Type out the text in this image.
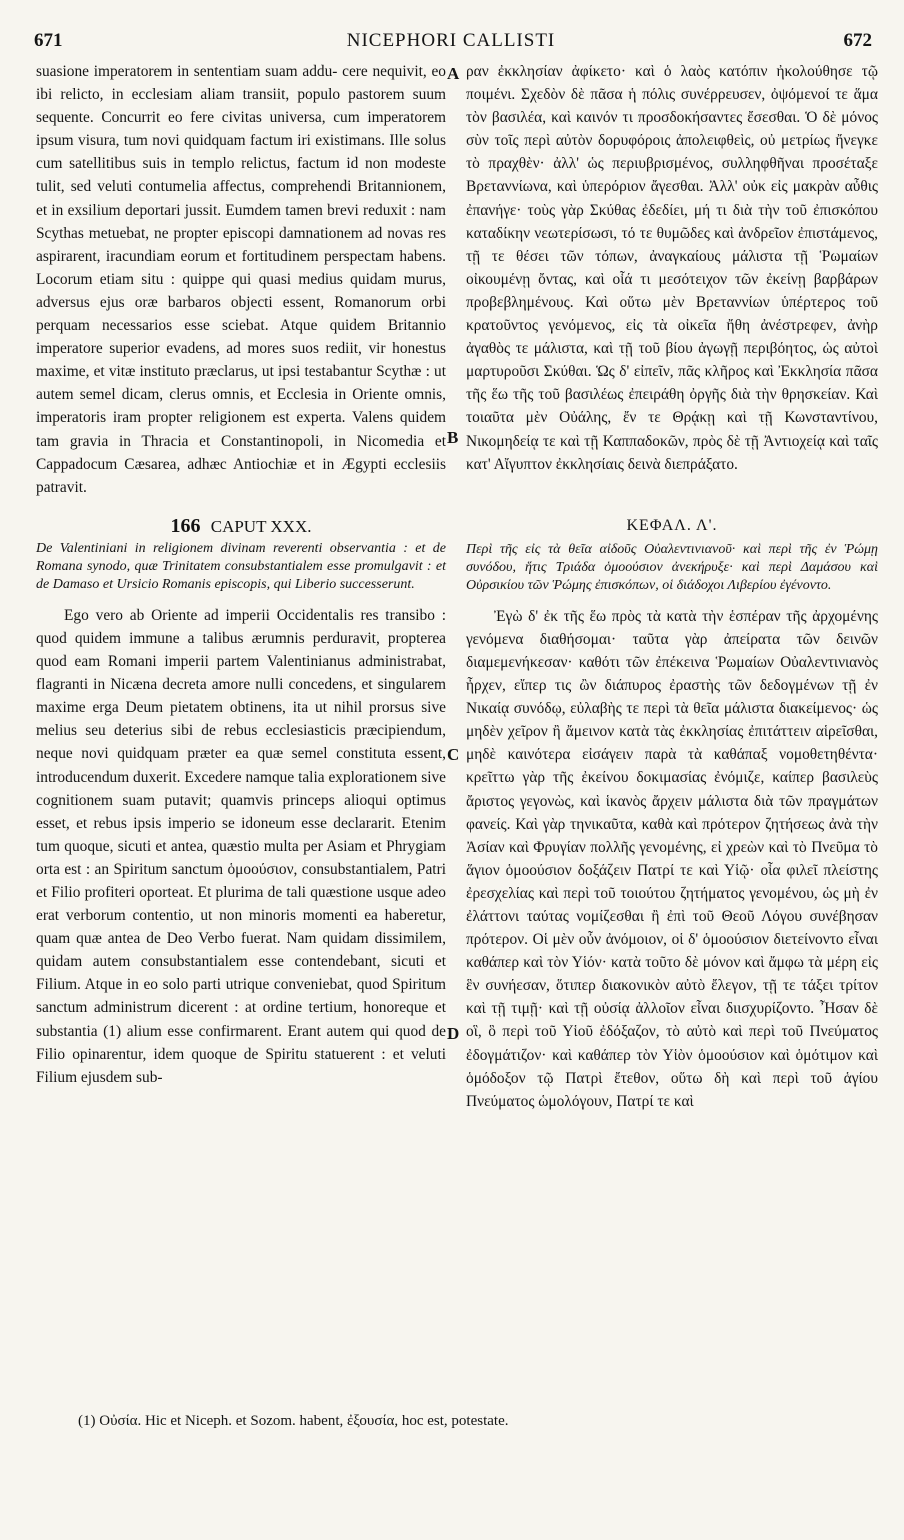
671	NICEPHORI CALLISTI	672

suasione imperatorem in sententiam suam addu- cere nequivit, eo ibi relicto, in ecclesiam aliam transiit, populo pastorem suum sequente. Concurrit eo fere civitas universa, cum imperatorem ipsum visura, tum novi quidquam factum iri existimans. Ille solus cum satellitibus suis in templo relictus, factum id non modeste tulit, sed veluti contumelia affectus, comprehendi Britannionem, et in exsilium deportari jussit. Eumdem tamen brevi reduxit : nam Scythas metuebat, ne propter episcopi damnationem ad novas res aspirarent, iracundiam eorum et fortitudinem perspectam habens. Locorum etiam situ : quippe qui quasi medius quidam murus, adversus ejus oræ barbaros objecti essent, Romanorum orbi perquam necessarios esse sciebat. Atque quidem Britannio imperatore superior evadens, ad mores suos rediit, vir honestus maxime, et vitæ instituto præclarus, ut ipsi testabantur Scythæ : ut autem semel dicam, clerus omnis, et Ecclesia in Oriente omnis, imperatoris iram propter religionem est experta. Valens quidem tam gravia in Thracia et Constantinopoli, in Nicomedia et Cappadocum Cæsarea, adhæc Antiochiæ et in Ægypti ecclesiis patravit.

166 CAPUT XXX.

De Valentiniani in religionem divinam reverenti observantia : et de Romana synodo, quæ Trinitatem consubstantialem esse promulgavit : et de Damaso et Ursicio Romanis episcopis, qui Liberio successerunt.

Ego vero ab Oriente ad imperii Occidentalis res transibo : quod quidem immune a talibus ærumnis perduravit, propterea quod eam Romani imperii partem Valentinianus administrabat, flagranti in Nicæna decreta amore nulli concedens, et singularem maxime erga Deum pietatem obtinens, ita ut nihil prorsus sive melius seu deterius sibi de rebus ecclesiasticis præcipiendum, neque novi quidquam præter ea quæ semel constituta essent, introducendum duxerit. Excedere namque talia explorationem sive cognitionem suam putavit; quamvis princeps alioqui optimus esset, et rebus ipsis imperio se idoneum esse declararit. Etenim tum quoque, sicuti et antea, quæstio multa per Asiam et Phrygiam orta est : an Spiritum sanctum ὁμοούσιον, consubstantialem, Patri et Filio profiteri oporteat. Et plurima de tali quæstione usque adeo erat verborum contentio, ut non minoris momenti ea haberetur, quam quæ antea de Deo Verbo fuerat. Nam quidam dissimilem, quidam autem consubstantialem esse contendebant, sicuti et Filium. Atque in eo solo parti utrique conveniebat, quod Spiritum sanctum administrum dicerent : at ordine tertium, honoreque et substantia (1) alium esse confirmarent. Erant autem qui quod de Filio opinarentur, idem quoque de Spiritu statuerent : et veluti Filium ejusdem sub-

ραν ἐκκλησίαν ἀφίκετο· καὶ ὁ λαὸς κατόπιν ἠκολούθησε τῷ ποιμένι. Σχεδὸν δὲ πᾶσα ἡ πόλις συνέρρευσεν, ὀψόμενοί τε ἅμα τὸν βασιλέα, καὶ καινόν τι προσδοκήσαντες ἔσεσθαι. Ὁ δὲ μόνος σὺν τοῖς περὶ αὐτὸν δορυφόροις ἀπολειφθεὶς, οὐ μετρίως ἤνεγκε τὸ πραχθὲν· ἀλλ' ὡς περιυβρισμένος, συλληφθῆναι προσέταξε Βρεταννίωνα, καὶ ὑπερόριον ἄγεσθαι. Ἀλλ' οὐκ εἰς μακρὰν αὖθις ἐπανήγε· τοὺς γὰρ Σκύθας ἐδεδίει, μή τι διὰ τὴν τοῦ ἐπισκόπου καταδίκην νεωτερίσωσι, τό τε θυμῶδες καὶ ἀνδρεῖον ἐπιστάμενος, τῇ τε θέσει τῶν τόπων, ἀναγκαίους μάλιστα τῇ Ῥωμαίων οἰκουμένῃ ὄντας, καὶ οἷά τι μεσότειχον τῶν ἐκείνῃ βαρβάρων προβεβλημένους. Καὶ οὕτω μὲν Βρεταννίων ὑπέρτερος τοῦ κρατοῦντος γενόμενος, εἰς τὰ οἰκεῖα ἤθη ἀνέστρεφεν, ἀνὴρ ἀγαθὸς τε μάλιστα, καὶ τῇ τοῦ βίου ἀγωγῇ περιβόητος, ὡς αὐτοὶ μαρτυροῦσι Σκύθαι. Ὡς δ' εἰπεῖν, πᾶς κλῆρος καὶ Ἐκκλησία πᾶσα τῆς ἕω τῆς τοῦ βασιλέως ἐπειράθη ὀργῆς διὰ τὴν θρησκείαν. Καὶ τοιαῦτα μὲν Οὐάλης, ἔν τε Θρᾴκῃ καὶ τῇ Κωνσταντίνου, Νικομηδείᾳ τε καὶ τῇ Καππαδοκῶν, πρὸς δὲ τῇ Ἀντιοχείᾳ καὶ ταῖς κατ' Αἴγυπτον ἐκκλησίαις δεινὰ διεπράξατο.

ΚΕΦΑΛ. Λ'.

Περὶ τῆς εἰς τὰ θεῖα αἰδοῦς Οὐαλεντινιανοῦ· καὶ περὶ τῆς ἐν Ῥώμῃ συνόδου, ἥτις Τριάδα ὁμοούσιον ἀνεκήρυξε· καὶ περὶ Δαμάσου καὶ Οὐρσικίου τῶν Ῥώμης ἐπισκόπων, οἱ διάδοχοι Λιβερίου ἐγένοντο.

Ἐγὼ δ' ἐκ τῆς ἕω πρὸς τὰ κατὰ τὴν ἑσπέραν τῆς ἀρχομένης γενόμενα διαθήσομαι· ταῦτα γὰρ ἀπείρατα τῶν δεινῶν διαμεμενήκεσαν· καθότι τῶν ἐπέκεινα Ῥωμαίων Οὐαλεντινιανὸς ἦρχεν, εἴπερ τις ὢν διάπυρος ἐραστὴς τῶν δεδογμένων τῇ ἐν Νικαίᾳ συνόδῳ, εὐλαβὴς τε περὶ τὰ θεῖα μάλιστα διακείμενος· ὡς μηδὲν χεῖρον ἢ ἄμεινον κατὰ τὰς ἐκκλησίας ἐπιτάττειν αἱρεῖσθαι, μηδὲ καινότερα εἰσάγειν παρὰ τὰ καθάπαξ νομοθετηθέντα· κρεῖττω γὰρ τῆς ἐκείνου δοκιμασίας ἐνόμιζε, καίπερ βασιλεὺς ἄριστος γεγονὼς, καὶ ἱκανὸς ἄρχειν μάλιστα διὰ τῶν πραγμάτων φανείς. Καὶ γὰρ τηνικαῦτα, καθὰ καὶ πρότερον ζητήσεως ἀνὰ τὴν Ἀσίαν καὶ Φρυγίαν πολλῆς γενομένης, εἰ χρεὼν καὶ τὸ Πνεῦμα τὸ ἅγιον ὁμοούσιον δοξάζειν Πατρί τε καὶ Υἱῷ· οἷα φιλεῖ πλείστης ἐρεσχελίας καὶ περὶ τοῦ τοιούτου ζητήματος γενομένου, ὡς μὴ ἐν ἐλάττονι ταύτας νομίζεσθαι ἢ ἐπὶ τοῦ Θεοῦ Λόγου συνέβησαν πρότερον. Οἱ μὲν οὖν ἀνόμοιον, οἱ δ' ὁμοούσιον διετείνοντο εἶναι καθάπερ καὶ τὸν Υἱόν· κατὰ τοῦτο δὲ μόνον καὶ ἄμφω τὰ μέρη εἰς ἓν συνήεσαν, ὅτιπερ διακονικὸν αὐτὸ ἔλεγον, τῇ τε τάξει τρίτον καὶ τῇ τιμῇ· καὶ τῇ οὐσίᾳ ἀλλοῖον εἶναι διισχυρίζοντο. Ἦσαν δὲ οἳ, ὃ περὶ τοῦ Υἱοῦ ἐδόξαζον, τὸ αὐτὸ καὶ περὶ τοῦ Πνεύματος ἐδογμάτιζον· καὶ καθάπερ τὸν Υἱὸν ὁμοούσιον καὶ ὁμότιμον καὶ ὁμόδοξον τῷ Πατρὶ ἔτεθον, οὕτω δὴ καὶ περὶ τοῦ ἁγίου Πνεύματος ὡμολόγουν, Πατρί τε καὶ

A
B
C
D
(1) Οὐσία. Hic et Niceph. et Sozom. habent, ἐξουσία, hoc est, potestate.
